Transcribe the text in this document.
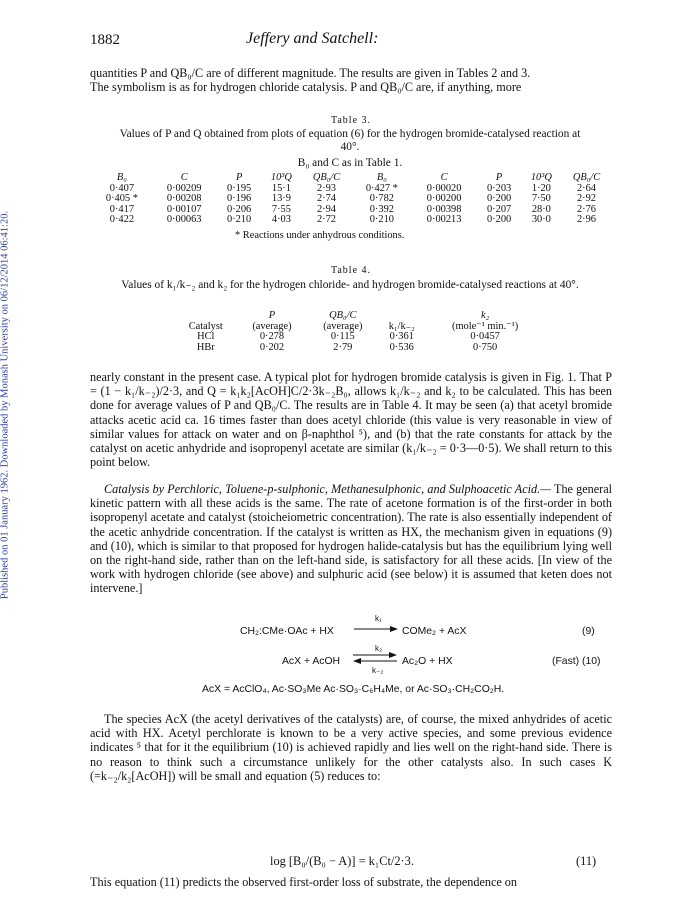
Published on 01 January 1962. Downloaded by Monash University on 06/12/2014 06:41:20.
1882	Jeffery and Satchell:

quantities P and QB₀/C are of different magnitude. The results are given in Tables 2 and 3.

The symbolism is as for hydrogen chloride catalysis. P and QB₀/C are, if anything, more

Table 3.
Values of P and Q obtained from plots of equation (6) for the hydrogen bromide-catalysed reaction at 40°.
B₀ and C as in Table 1.
B₀	C	P	10³Q	QB₀/C	B₀	C	P	10³Q	QB₀/C
0·407	0·00209	0·195	15·1	2·93	0·427 *	0·00020	0·203	1·20	2·64
0·405 *	0·00208	0·196	13·9	2·74	0·782	0·00200	0·200	7·50	2·92
0·417	0·00107	0·206	7·55	2·94	0·392	0·00398	0·207	28·0	2·76
0·422	0·00063	0·210	4·03	2·72	0·210	0·00213	0·200	30·0	2·96
* Reactions under anhydrous conditions.
Table 4.
Values of k₁/k₋₂ and k₂ for the hydrogen chloride- and hydrogen bromide-catalysed reactions at 40°.
	P	QB₀/C		k₂
Catalyst	(average)	(average)	k₁/k₋₂	(mole⁻¹ min.⁻¹)
HCl	0·278	0·115	0·361	0·0457
HBr	0·202	2·79	0·536	0·750
nearly constant in the present case. A typical plot for hydrogen bromide catalysis is given in Fig. 1. That P = (1 − k₁/k₋₂)/2·3, and Q = k₁k₂[AcOH]C/2·3k₋₂B₀, allows k₁/k₋₂ and k₂ to be calculated. This has been done for average values of P and QB₀/C. The results are in Table 4. It may be seen (a) that acetyl bromide attacks acetic acid ca. 16 times faster than does acetyl chloride (this value is very reasonable in view of similar values for attack on water and on β-naphthol ⁵), and (b) that the rate constants for attack by the catalyst on acetic anhydride and isopropenyl acetate are similar (k₁/k₋₂ = 0·3—0·5). We shall return to this point below.
Catalysis by Perchloric, Toluene-p-sulphonic, Methanesulphonic, and Sulphoacetic Acid.— The general kinetic pattern with all these acids is the same. The rate of acetone formation is of the first-order in both isopropenyl acetate and catalyst (stoicheiometric concentration). The rate is also essentially independent of the acetic anhydride concentration. If the catalyst is written as HX, the mechanism given in equations (9) and (10), which is similar to that proposed for hydrogen halide-catalysis but has the equilibrium lying well on the right-hand side, rather than on the left-hand side, is satisfactory for all these acids. [In view of the work with hydrogen chloride (see above) and sulphuric acid (see below) it is assumed that keten does not intervene.]
CH₂:CMe·OAc + HX
k₁
COMe₂ + AcX	(9)
AcX + AcOH
k₂
k₋₂
Ac₂O + HX	(Fast) (10)
AcX = AcClO₄, Ac·SO₃Me Ac·SO₃·C₆H₄Me, or Ac·SO₃·CH₂CO₂H.
The species AcX (the acetyl derivatives of the catalysts) are, of course, the mixed anhydrides of acetic acid with HX. Acetyl perchlorate is known to be a very active species, and some previous evidence indicates ⁵ that for it the equilibrium (10) is achieved rapidly and lies well on the right-hand side. There is no reason to think such a circumstance unlikely for the other catalysts also. In such cases K (=k₋₂/k₂[AcOH]) will be small and equation (5) reduces to:
log [B₀/(B₀ − A)] = k₁Ct/2·3.	(11)
This equation (11) predicts the observed first-order loss of substrate, the dependence on
